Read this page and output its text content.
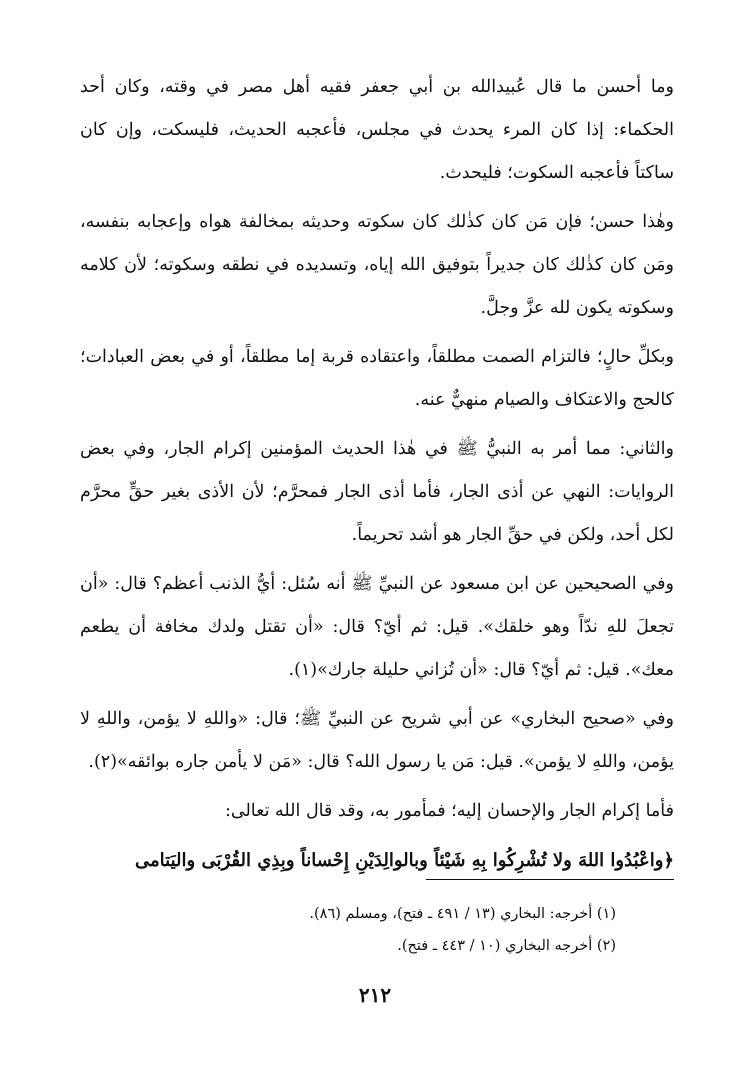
وما أحسن ما قال عُبيدالله بن أبي جعفر فقيه أهل مصر في وقته، وكان أحد الحكماء: إذا كان المرء يحدث في مجلس، فأعجبه الحديث، فليسكت، وإن كان ساكتاً فأعجبه السكوت؛ فليحدث.

وهٰذا حسن؛ فإن مَن كان كذٰلك كان سكوته وحديثه بمخالفة هواه وإعجابه بنفسه، ومَن كان كذٰلك كان جديراً بتوفيق الله إياه، وتسديده في نطقه وسكوته؛ لأن كلامه وسكوته يكون لله عزَّ وجلَّ.

وبكلِّ حالٍ؛ فالتزام الصمت مطلقاً، واعتقاده قربة إما مطلقاً، أو في بعض العبادات؛ كالحج والاعتكاف والصيام منهيٌّ عنه.

والثاني: مما أمر به النبيُّ ﷺ في هٰذا الحديث المؤمنين إكرام الجار، وفي بعض الروايات: النهي عن أذى الجار، فأما أذى الجار فمحرَّم؛ لأن الأذى بغير حقٍّ محرَّم لكل أحد، ولكن في حقِّ الجار هو أشد تحريماً.

وفي الصحيحين عن ابن مسعود عن النبيِّ ﷺ أنه سُئل: أيُّ الذنب أعظم؟ قال: «أن تجعلَ للهِ ندّاً وهو خلقك». قيل: ثم أيّ؟ قال: «أن تقتل ولدك مخافة أن يطعم معك». قيل: ثم أيّ؟ قال: «أن تُزاني حليلة جارك»(١).

وفي «صحيح البخاري» عن أبي شريح عن النبيِّ ﷺ؛ قال: «واللهِ لا يؤمن، واللهِ لا يؤمن، واللهِ لا يؤمن». قيل: مَن يا رسول الله؟ قال: «مَن لا يأمن جاره بوائقه»(٢).

فأما إكرام الجار والإحسان إليه؛ فمأمور به، وقد قال الله تعالى:

﴿واعْبُدُوا اللهَ ولا تُشْرِكُوا بِهِ شَيْئاً وبالوالِدَيْنِ إِحْساناً وبِذِي القُرْبَى واليَتامى

(١) أخرجه: البخاري (١٣ / ٤٩١ ـ فتح)، ومسلم (٨٦).

(٢) أخرجه البخاري (١٠ / ٤٤٣ ـ فتح).

٢١٢
